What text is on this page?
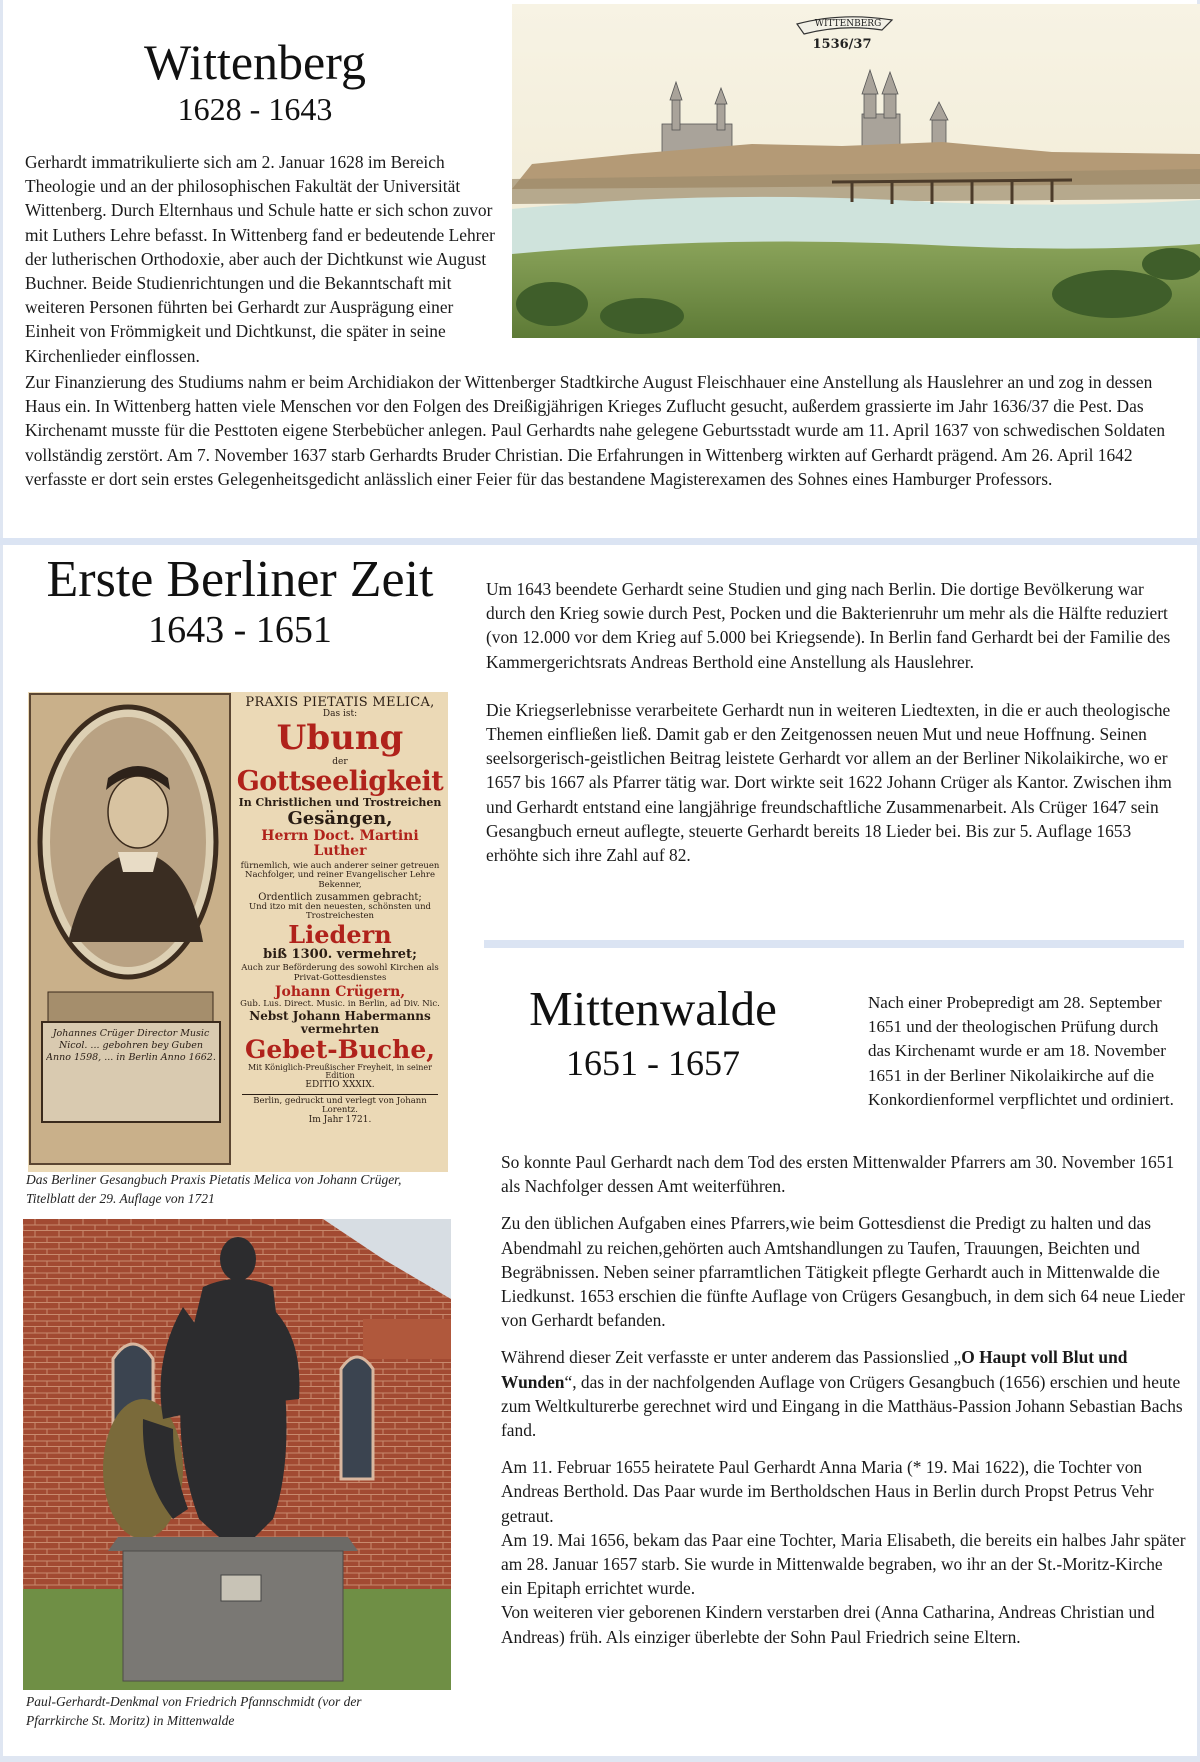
Wittenberg
1628 - 1643

Gerhardt immatrikulierte sich am 2. Januar 1628 im Bereich Theologie und an der philosophischen Fakultät der Universität Wittenberg. Durch Elternhaus und Schule hatte er sich schon zuvor mit Luthers Lehre befasst. In Wittenberg fand er bedeutende Lehrer der lutherischen Orthodoxie, aber auch der Dichtkunst wie August Buchner. Beide Studienrichtungen und die Bekanntschaft mit weiteren Personen führten bei Gerhardt zur Ausprägung einer Einheit von Frömmigkeit und Dichtkunst, die später in seine Kirchenlieder einflossen.

WITTENBERG
1536/37

Zur Finanzierung des Studiums nahm er beim Archidiakon der Wittenberger Stadtkirche August Fleischhauer eine Anstellung als Hauslehrer an und zog in dessen Haus ein. In Wittenberg hatten viele Menschen vor den Folgen des Dreißigjährigen Krieges Zuflucht gesucht, außerdem grassierte im Jahr 1636/37 die Pest. Das Kirchenamt musste für die Pesttoten eigene Sterbebücher anlegen. Paul Gerhardts nahe gelegene Geburtsstadt wurde am 11. April 1637 von schwedischen Soldaten vollständig zerstört. Am 7. November 1637 starb Gerhardts Bruder Christian. Die Erfahrungen in Wittenberg wirkten auf Gerhardt prägend. Am 26. April 1642 verfasste er dort sein erstes Gelegenheitsgedicht anlässlich einer Feier für das bestandene Magisterexamen des Sohnes eines Hamburger Professors.

Erste Berliner Zeit
1643 - 1651

Um 1643 beendete Gerhardt seine Studien und ging nach Berlin. Die dortige Bevölkerung war durch den Krieg sowie durch Pest, Pocken und die Bakterienruhr um mehr als die Hälfte reduziert (von 12.000 vor dem Krieg auf 5.000 bei Kriegsende). In Berlin fand Gerhardt bei der Familie des Kammergerichtsrats Andreas Berthold eine Anstellung als Hauslehrer.

Die Kriegserlebnisse verarbeitete Gerhardt nun in weiteren Liedtexten, in die er auch theologische Themen einfließen ließ. Damit gab er den Zeitgenossen neuen Mut und neue Hoffnung. Seinen seelsorgerisch-geistlichen Beitrag leistete Gerhardt vor allem an der Berliner Nikolaikirche, wo er 1657 bis 1667 als Pfarrer tätig war. Dort wirkte seit 1622 Johann Crüger als Kantor. Zwischen ihm und Gerhardt entstand eine langjährige freundschaftliche Zusammenarbeit. Als Crüger 1647 sein Gesangbuch erneut auflegte, steuerte Gerhardt bereits 18 Lieder bei. Bis zur 5. Auflage 1653 erhöhte sich ihre Zahl auf 82.

Johannes Crüger Director Music Nicol. ... gebohren bey Guben Anno 1598, ... in Berlin Anno 1662.
PRAXIS PIETATIS MELICA,
Das ist:
Ubung
der
Gottseeligkeit
In Christlichen und Trostreichen
Gesängen,
Herrn Doct. Martini Luther
fürnemlich, wie auch anderer seiner getreuen Nachfolger, und reiner Evangelischer Lehre Bekenner,
Ordentlich zusammen gebracht;
Und itzo mit den neuesten, schönsten und Trostreichesten
Liedern
biß 1300. vermehret;
Auch zur Beförderung des sowohl Kirchen als Privat-Gottesdienstes
Johann Crügern,
Gub. Lus. Direct. Music. in Berlin, ad Div. Nic.
Nebst Johann Habermanns vermehrten
Gebet-Buche,
Mit Königlich-Preußischer Freyheit, in seiner Edition
EDITIO XXXIX.
Berlin, gedruckt und verlegt von Johann Lorentz.
Im Jahr 1721.

Das Berliner Gesangbuch Praxis Pietatis Melica von Johann Crüger, Titelblatt der 29. Auflage von 1721

Paul-Gerhardt-Denkmal von Friedrich Pfannschmidt (vor der Pfarrkirche St. Moritz) in Mittenwalde

Mittenwalde
1651 - 1657

Nach einer Probepredigt am 28. September 1651 und der theologischen Prüfung durch das Kirchenamt wurde er am 18. November 1651 in der Berliner Nikolaikirche auf die Konkordienformel verpflichtet und ordiniert.

So konnte Paul Gerhardt nach dem Tod des ersten Mittenwalder Pfarrers am 30. November 1651 als Nachfolger dessen Amt weiterführen.

Zu den üblichen Aufgaben eines Pfarrers,wie beim Gottesdienst die Predigt zu halten und das Abendmahl zu reichen,gehörten auch Amtshandlungen zu Taufen, Trauungen, Beichten und Begräbnissen. Neben seiner pfarramtlichen Tätigkeit pflegte Gerhardt auch in Mittenwalde die Liedkunst. 1653 erschien die fünfte Auflage von Crügers Gesangbuch, in dem sich 64 neue Lieder von Gerhardt befanden.

Während dieser Zeit verfasste er unter anderem das Passionslied „O Haupt voll Blut und Wunden“, das in der nachfolgenden Auflage von Crügers Gesangbuch (1656) erschien und heute zum Weltkulturerbe gerechnet wird und Eingang in die Matthäus-Passion Johann Sebastian Bachs fand.

Am 11. Februar 1655 heiratete Paul Gerhardt Anna Maria (* 19. Mai 1622), die Tochter von Andreas Berthold. Das Paar wurde im Bertholdschen Haus in Berlin durch Propst Petrus Vehr getraut.

Am 19. Mai 1656, bekam das Paar eine Tochter, Maria Elisabeth, die bereits ein halbes Jahr später am 28. Januar 1657 starb. Sie wurde in Mittenwalde begraben, wo ihr an der St.-Moritz-Kirche ein Epitaph errichtet wurde.

Von weiteren vier geborenen Kindern verstarben drei (Anna Catharina, Andreas Christian und Andreas) früh. Als einziger überlebte der Sohn Paul Friedrich seine Eltern.
